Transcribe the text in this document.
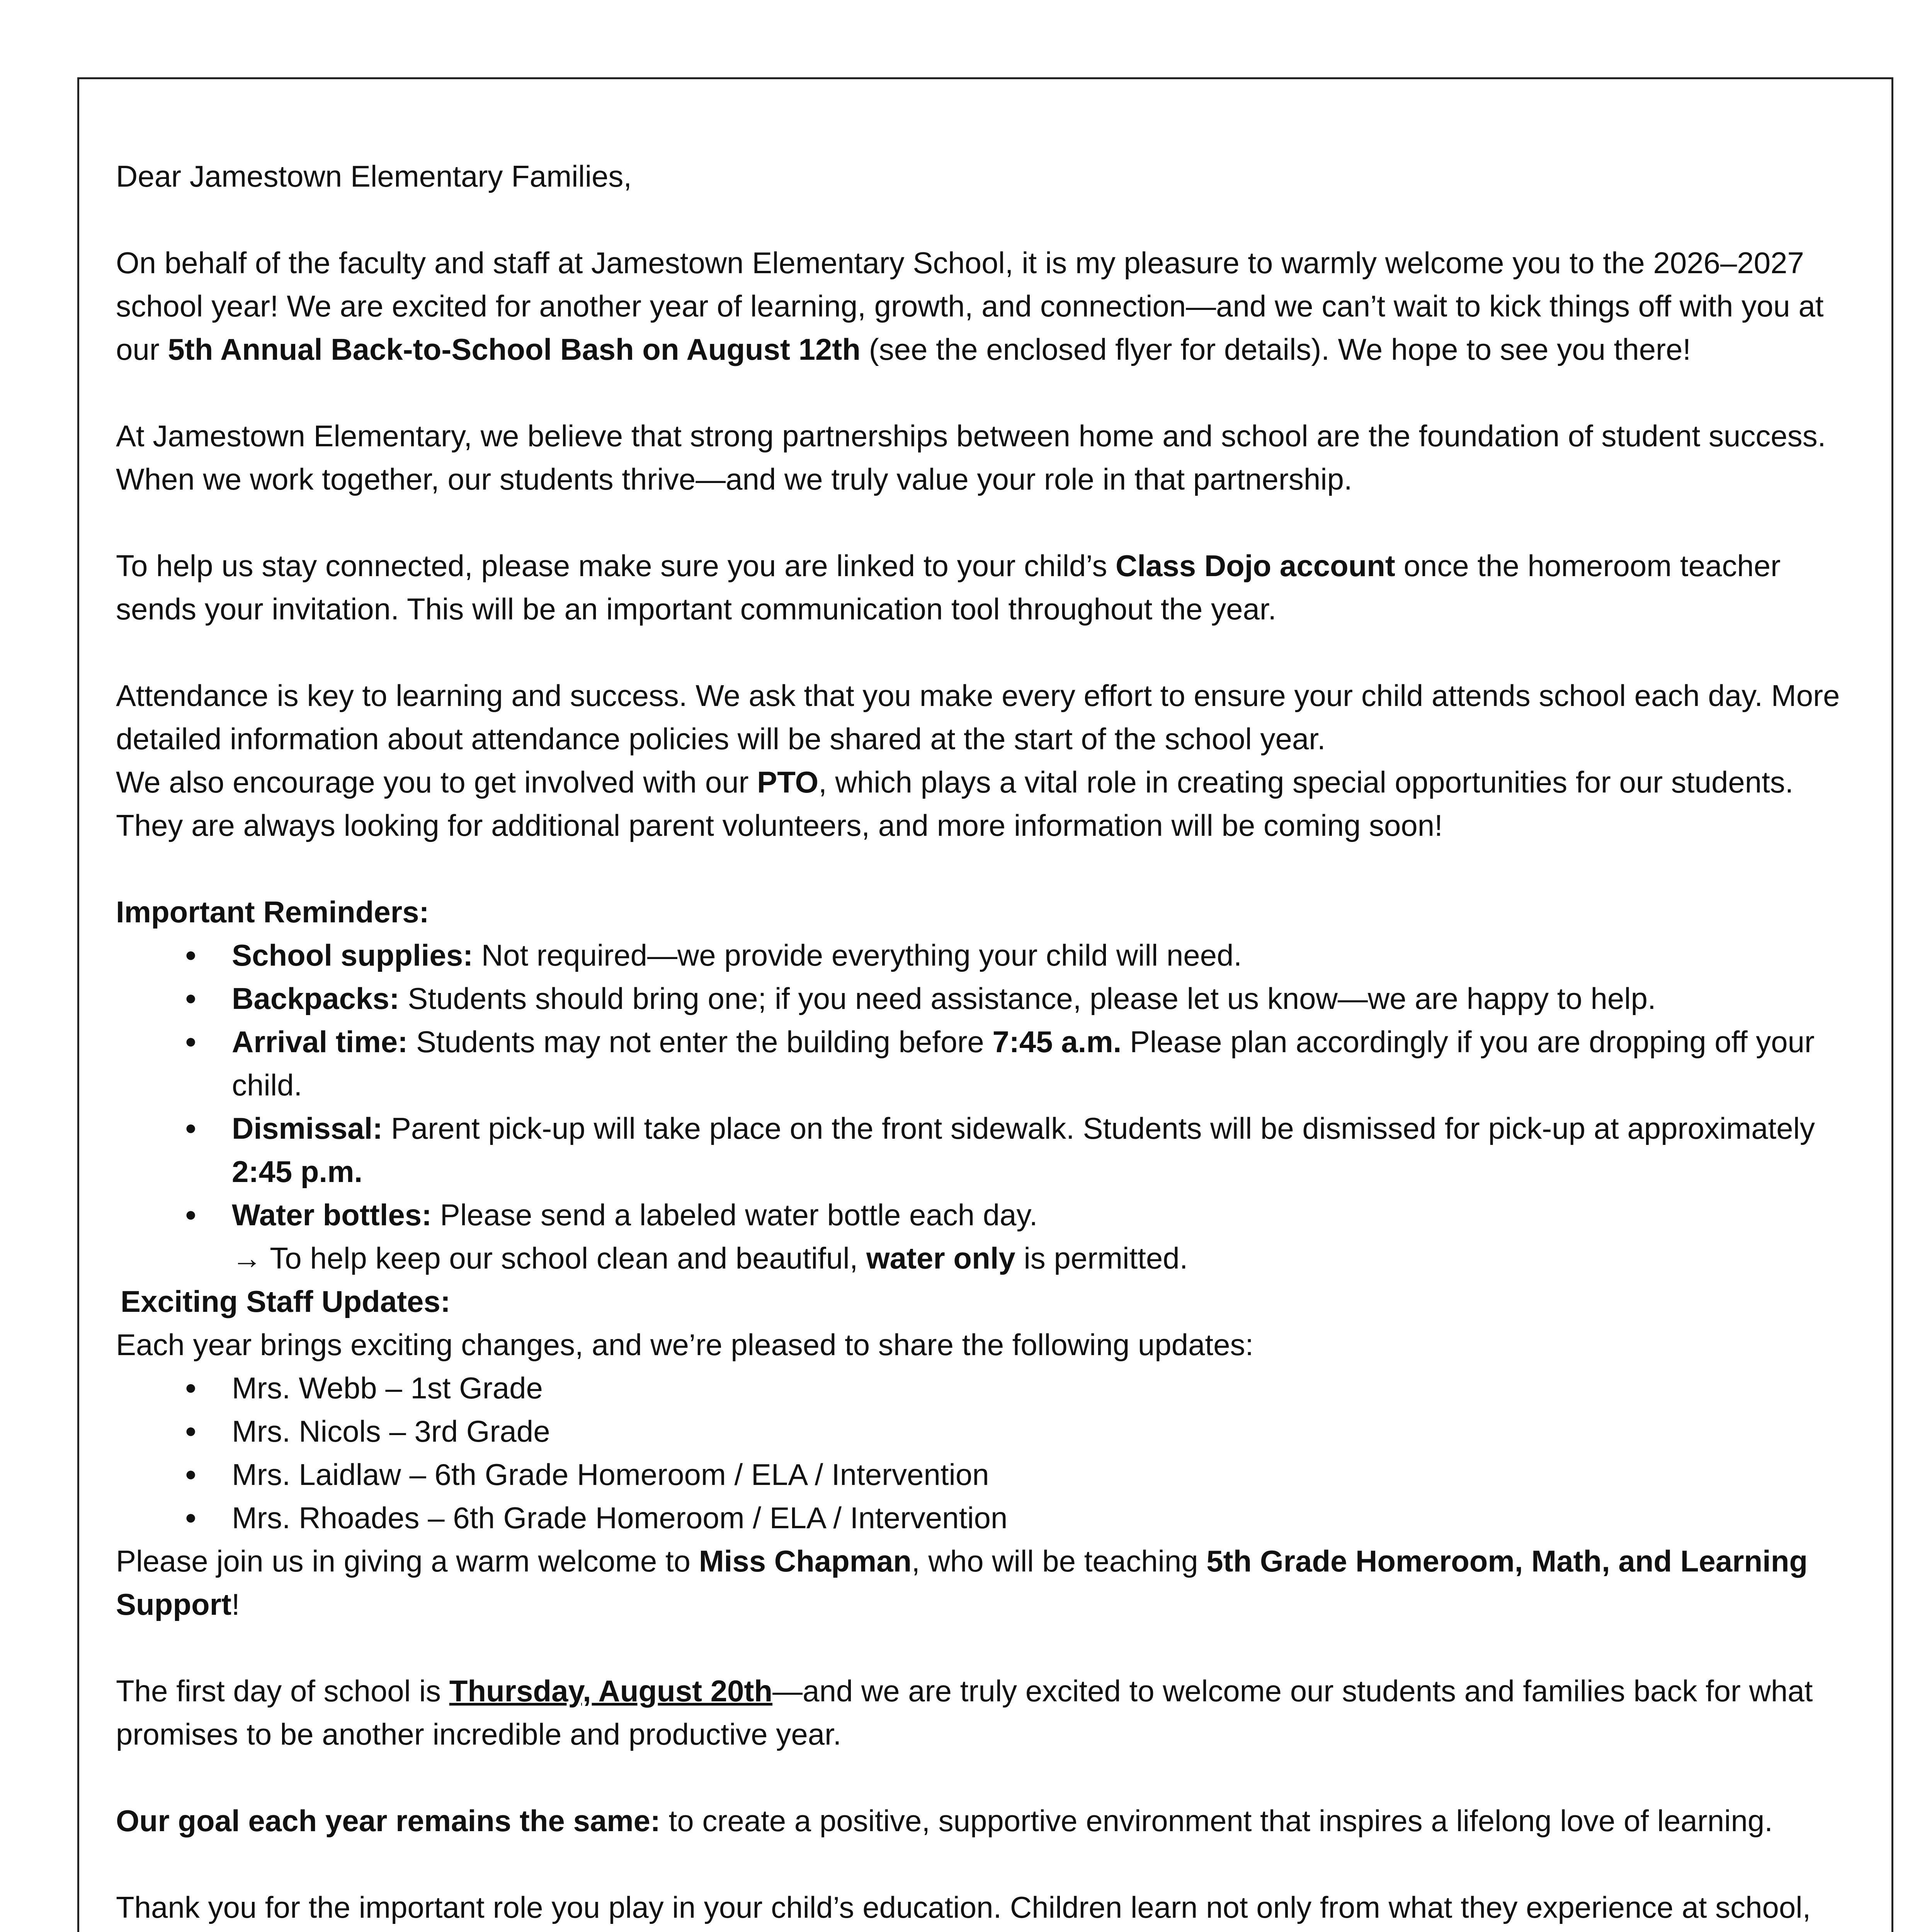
Dear Jamestown Elementary Families,

On behalf of the faculty and staff at Jamestown Elementary School, it is my pleasure to warmly welcome you to the 2026–2027 school year! We are excited for another year of learning, growth, and connection—and we can’t wait to kick things off with you at our 5th Annual Back-to-School Bash on August 12th (see the enclosed flyer for details). We hope to see you there!

At Jamestown Elementary, we believe that strong partnerships between home and school are the foundation of student success. When we work together, our students thrive—and we truly value your role in that partnership.

To help us stay connected, please make sure you are linked to your child’s Class Dojo account once the homeroom teacher sends your invitation. This will be an important communication tool throughout the year.

Attendance is key to learning and success. We ask that you make every effort to ensure your child attends school each day. More detailed information about attendance policies will be shared at the start of the school year.

We also encourage you to get involved with our PTO, which plays a vital role in creating special opportunities for our students. They are always looking for additional parent volunteers, and more information will be coming soon!

Important Reminders:

• School supplies: Not required—we provide everything your child will need.
• Backpacks: Students should bring one; if you need assistance, please let us know—we are happy to help.
• Arrival time: Students may not enter the building before 7:45 a.m. Please plan accordingly if you are dropping off your child.
• Dismissal: Parent pick-up will take place on the front sidewalk. Students will be dismissed for pick-up at approximately 2:45 p.m.
• Water bottles: Please send a labeled water bottle each day.
→ To help keep our school clean and beautiful, water only is permitted.

Exciting Staff Updates:

Each year brings exciting changes, and we’re pleased to share the following updates:

• Mrs. Webb – 1st Grade
• Mrs. Nicols – 3rd Grade
• Mrs. Laidlaw – 6th Grade Homeroom / ELA / Intervention
• Mrs. Rhoades – 6th Grade Homeroom / ELA / Intervention

Please join us in giving a warm welcome to Miss Chapman, who will be teaching 5th Grade Homeroom, Math, and Learning Support!

The first day of school is Thursday, August 20th—and we are truly excited to welcome our students and families back for what promises to be another incredible and productive year.

Our goal each year remains the same: to create a positive, supportive environment that inspires a lifelong love of learning.

Thank you for the important role you play in your child’s education. Children learn not only from what they experience at school,
